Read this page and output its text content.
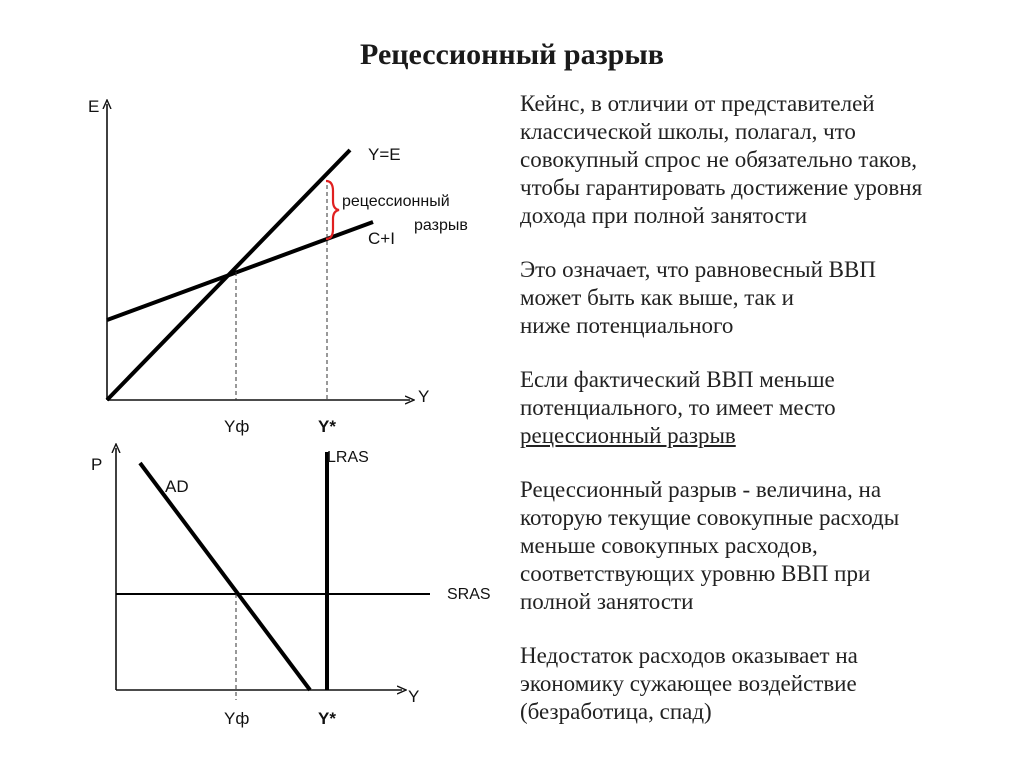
Рецессионный разрыв
E
Y
Y=E
C+I
рецессионный
разрыв
Yф	Y*
P
Y
AD
LRAS
SRAS
Yф	Y*
Кейнс, в отличии от представителей
классической школы, полагал, что
совокупный спрос не обязательно таков,
чтобы гарантировать достижение уровня
дохода при полной занятости
Это означает, что равновесный ВВП
может быть как выше, так и
ниже потенциального
Если фактический ВВП меньше
потенциального, то имеет место
рецессионный разрыв
Рецессионный разрыв - величина, на
которую текущие совокупные расходы
меньше совокупных расходов,
соответствующих уровню ВВП при
полной занятости
Недостаток расходов оказывает на
экономику сужающее воздействие
(безработица, спад)
